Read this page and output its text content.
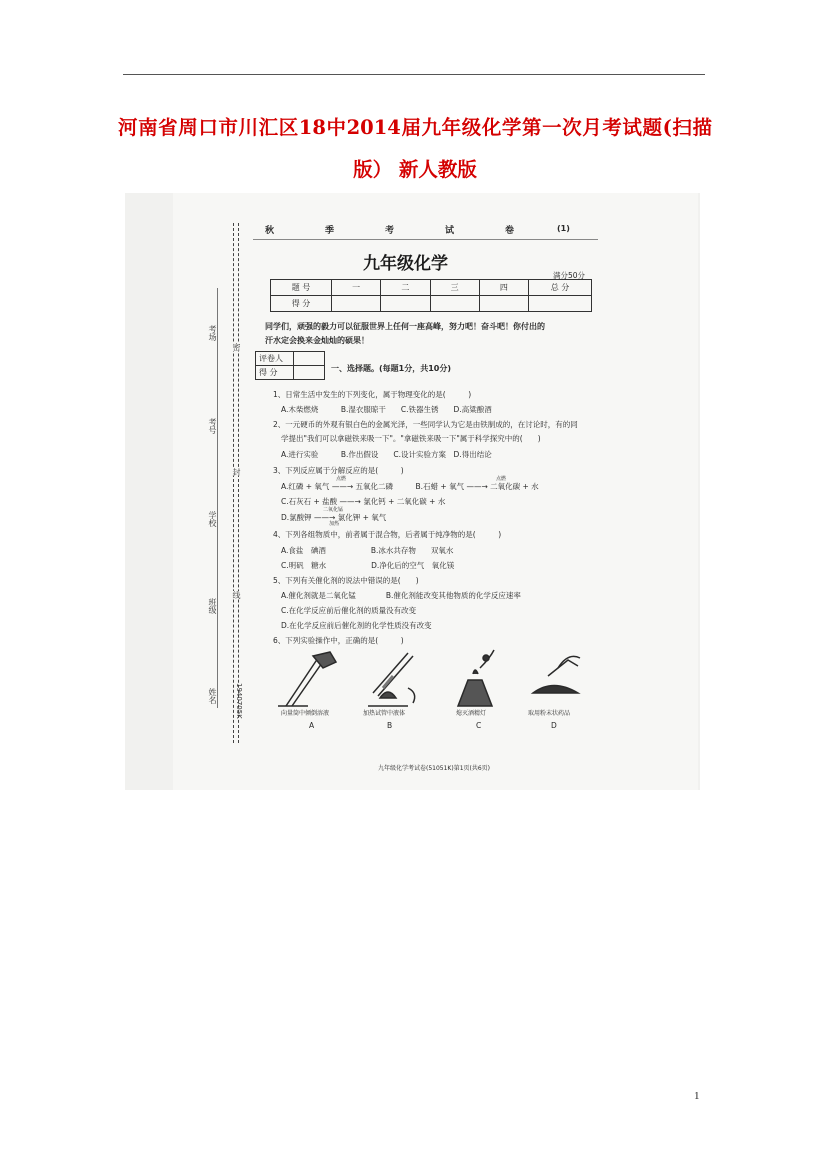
河南省周口市川汇区18中2014届九年级化学第一次月考试题(扫描
版） 新人教版
考场
考号
学校
班级
姓名
密
封
线
1940705K
秋	季	考	试	卷	(1)
九年级化学
满分50分
题 号	一	二	三	四	总 分
得 分					
同学们，顽强的毅力可以征服世界上任何一座高峰，努力吧！奋斗吧！你付出的
汗水定会换来金灿灿的硕果！
评卷人	
得 分		一、选择题。(每题1分，共10分)
1、日常生活中发生的下列变化，属于物理变化的是(　　　)
A.木柴燃烧　　　B.湿衣服晾干　　C.铁器生锈　　D.高粱酿酒
2、一元硬币的外观有银白色的金属光泽，一些同学认为它是由铁制成的，在讨论时，有的同
学提出"我们可以拿磁铁来吸一下"。"拿磁铁来吸一下"属于科学探究中的(　　)
A.进行实验　　　B.作出假设　　C.设计实验方案　D.得出结论
3、下列反应属于分解反应的是(　　　)
A.红磷 + 氧气 ——→ 五氧化二磷　　　B.石蜡 + 氧气 ——→ 二氧化碳 + 水
点燃	点燃
C.石灰石 + 盐酸 ——→ 氯化钙 + 二氧化碳 + 水
D.氯酸钾 ——→ 氯化钾 + 氧气
二氧化锰
加热
4、下列各组物质中，前者属于混合物，后者属于纯净物的是(　　　)
A.食盐　碘酒　　　　　　B.冰水共存物　　双氧水
C.明矾　糖水　　　　　　D.净化后的空气　氧化镁
5、下列有关催化剂的说法中错误的是(　　)
A.催化剂就是二氧化锰　　　　B.催化剂能改变其他物质的化学反应速率
C.在化学反应前后催化剂的质量没有改变
D.在化学反应前后催化剂的化学性质没有改变
6、下列实验操作中，正确的是(　　　)
向量筒中倾倒溶液	加热试管中液体	熄灭酒精灯	取用粉末状药品
A	B	C	D
九年级化学考试卷(51051K)第1页(共6页)
1
